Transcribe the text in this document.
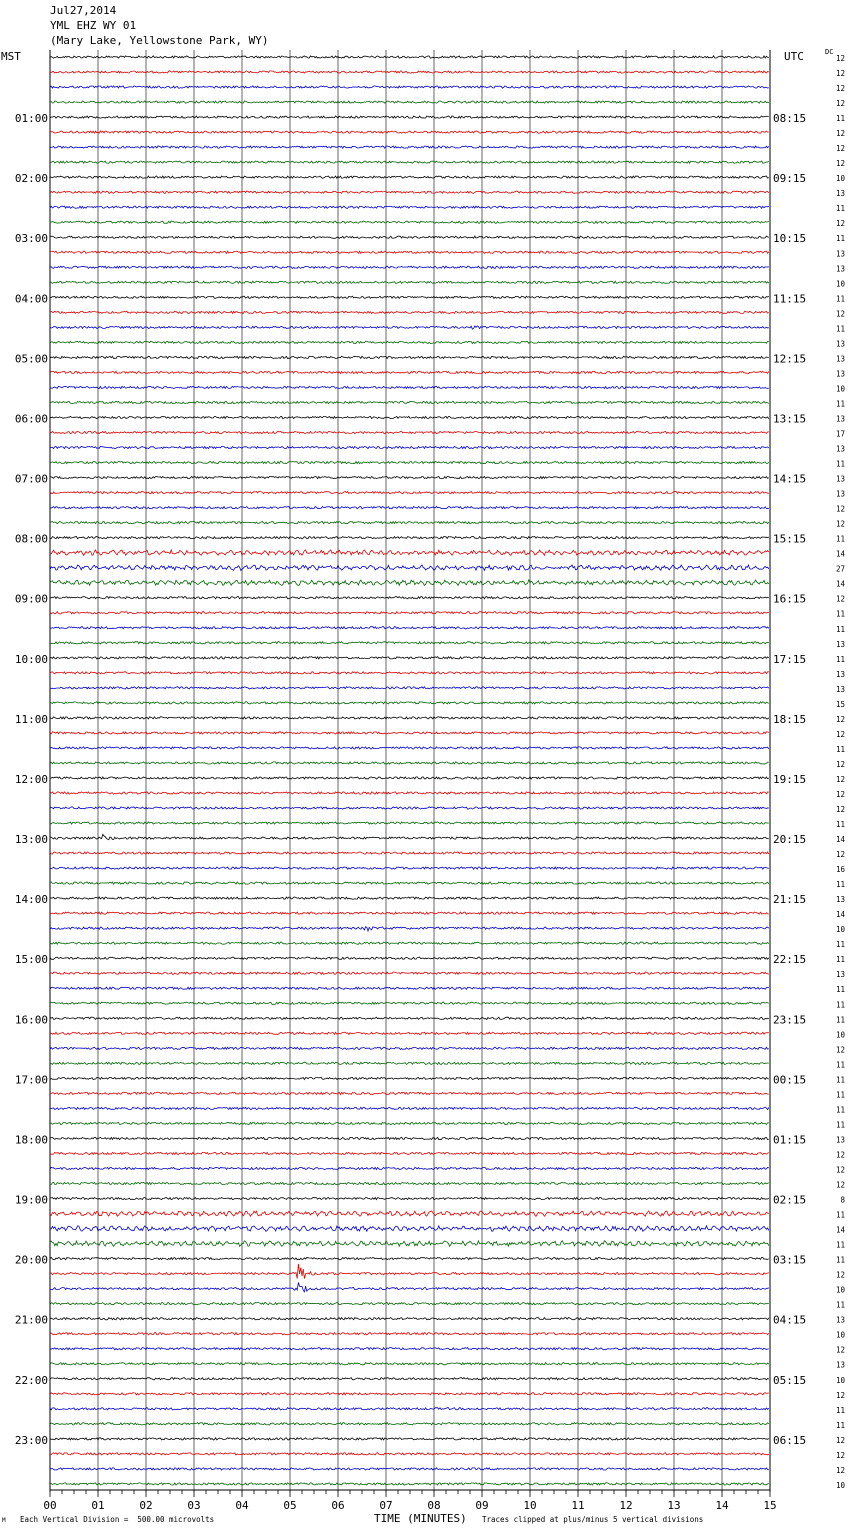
Jul27,2014
YML EHZ WY 01
(Mary Lake, Yellowstone Park, WY)
MST	UTC	DC
12
12
12
12
11
01:00	08:15
12
12
12
10
02:00	09:15
13
11
12
11
03:00	10:15
13
13
10
11
04:00	11:15
12
11
13
13
05:00	12:15
13
10
11
13
06:00	13:15
17
13
11
13
07:00	14:15
13
12
12
11
08:00	15:15
14
27
14
12
09:00	16:15
11
11
13
11
10:00	17:15
13
13
15
12
11:00	18:15
12
11
12
12
12:00	19:15
12
12
11
14
13:00	20:15
12
16
11
13
14:00	21:15
14
10
11
11
15:00	22:15
13
11
11
11
16:00	23:15
10
12
11
11
17:00	00:15
11
11
11
13
18:00	01:15
12
12
12
8
19:00	02:15
11
14
11
11
20:00	03:15
12
10
11
13
21:00	04:15
10
12
13
10
22:00	05:15
12
11
11
12
23:00	06:15
12
12
10
00	01	02	03	04	05	06	07	08	09	10	11	12	13	14	15
M Each Vertical Division =  500.00 microvolts	TIME (MINUTES) Traces clipped at plus/minus 5 vertical divisions
